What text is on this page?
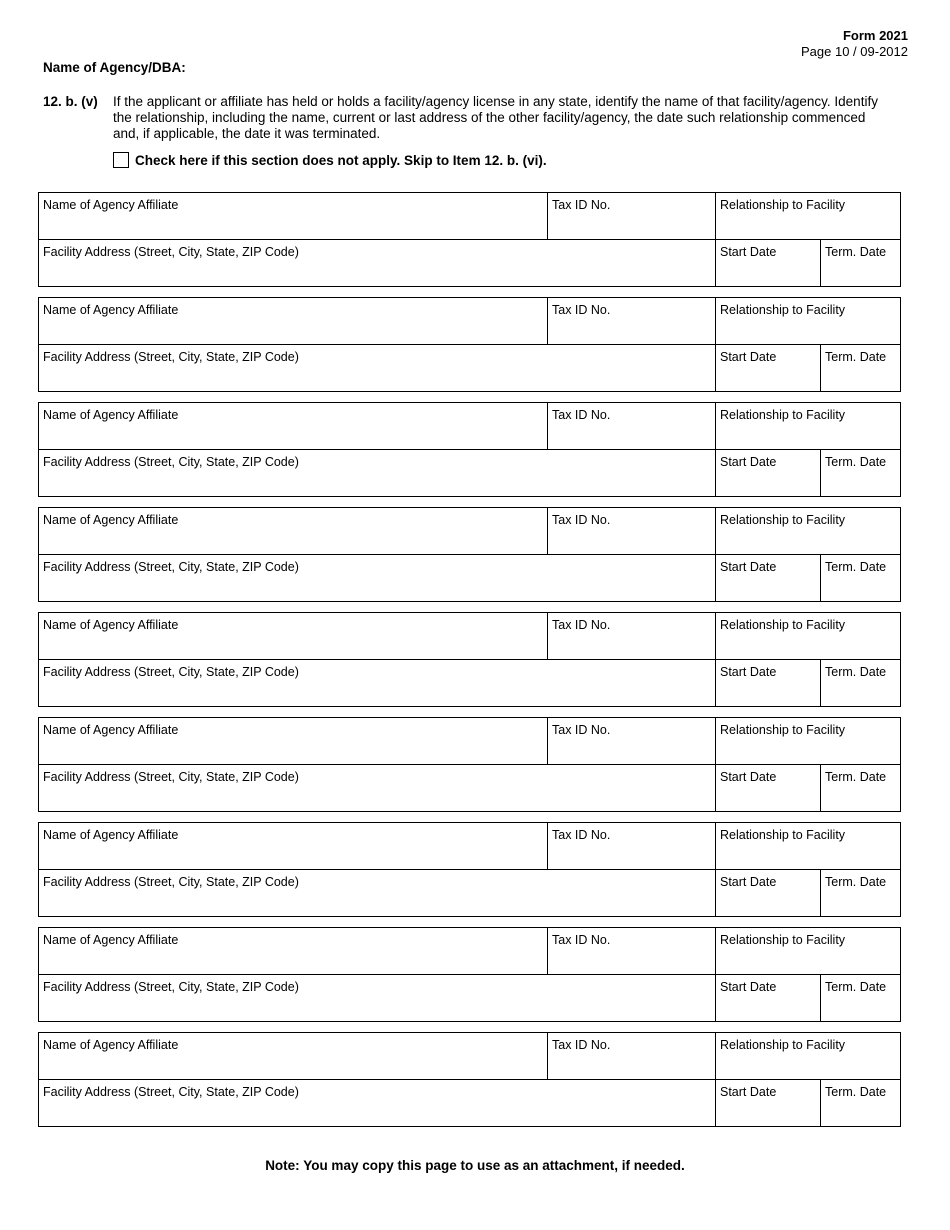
Form 2021
Page 10 / 09-2012
Name of Agency/DBA:
12. b. (v) If the applicant or affiliate has held or holds a facility/agency license in any state, identify the name of that facility/agency. Identify the relationship, including the name, current or last address of the other facility/agency, the date such relationship commenced and, if applicable, the date it was terminated.
Check here if this section does not apply. Skip to Item 12. b. (vi).
Name of Agency Affiliate	Tax ID No.	Relationship to Facility
Facility Address (Street, City, State, ZIP Code)	Start Date	Term. Date
Name of Agency Affiliate	Tax ID No.	Relationship to Facility
Facility Address (Street, City, State, ZIP Code)	Start Date	Term. Date
Name of Agency Affiliate	Tax ID No.	Relationship to Facility
Facility Address (Street, City, State, ZIP Code)	Start Date	Term. Date
Name of Agency Affiliate	Tax ID No.	Relationship to Facility
Facility Address (Street, City, State, ZIP Code)	Start Date	Term. Date
Name of Agency Affiliate	Tax ID No.	Relationship to Facility
Facility Address (Street, City, State, ZIP Code)	Start Date	Term. Date
Name of Agency Affiliate	Tax ID No.	Relationship to Facility
Facility Address (Street, City, State, ZIP Code)	Start Date	Term. Date
Name of Agency Affiliate	Tax ID No.	Relationship to Facility
Facility Address (Street, City, State, ZIP Code)	Start Date	Term. Date
Name of Agency Affiliate	Tax ID No.	Relationship to Facility
Facility Address (Street, City, State, ZIP Code)	Start Date	Term. Date
Name of Agency Affiliate	Tax ID No.	Relationship to Facility
Facility Address (Street, City, State, ZIP Code)	Start Date	Term. Date
Note: You may copy this page to use as an attachment, if needed.
